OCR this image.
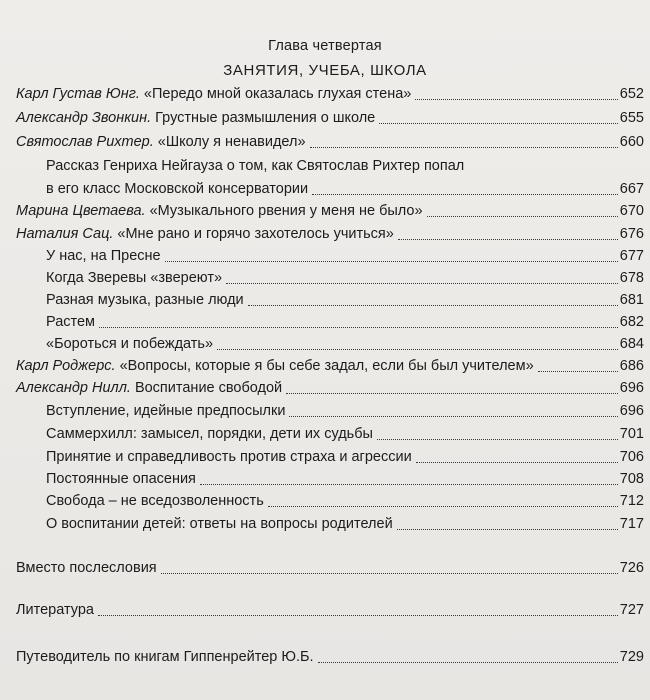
Глава четвертая
ЗАНЯТИЯ, УЧЕБА, ШКОЛА
Карл Густав Юнг. «Передо мной оказалась глухая стена»	652
Александр Звонкин. Грустные размышления о школе	655
Святослав Рихтер. «Школу я ненавидел»	660
Рассказ Генриха Нейгауза о том, как Святослав Рихтер попал
в его класс Московской консерватории	667
Марина Цветаева. «Музыкального рвения у меня не было»	670
Наталия Сац. «Мне рано и горячо захотелось учиться»	676
У нас, на Пресне	677
Когда Зверевы «звереют»	678
Разная музыка, разные люди	681
Растем	682
«Бороться и побеждать»	684
Карл Роджерс. «Вопросы, которые я бы себе задал, если бы был учителем»	686
Александр Нилл. Воспитание свободой	696
Вступление, идейные предпосылки	696
Саммерхилл: замысел, порядки, дети их судьбы	701
Принятие и справедливость против страха и агрессии	706
Постоянные опасения	708
Свобода – не вседозволенность	712
О воспитании детей: ответы на вопросы родителей	717
Вместо послесловия	726
Литература	727
Путеводитель по книгам Гиппенрейтер Ю.Б.	729
